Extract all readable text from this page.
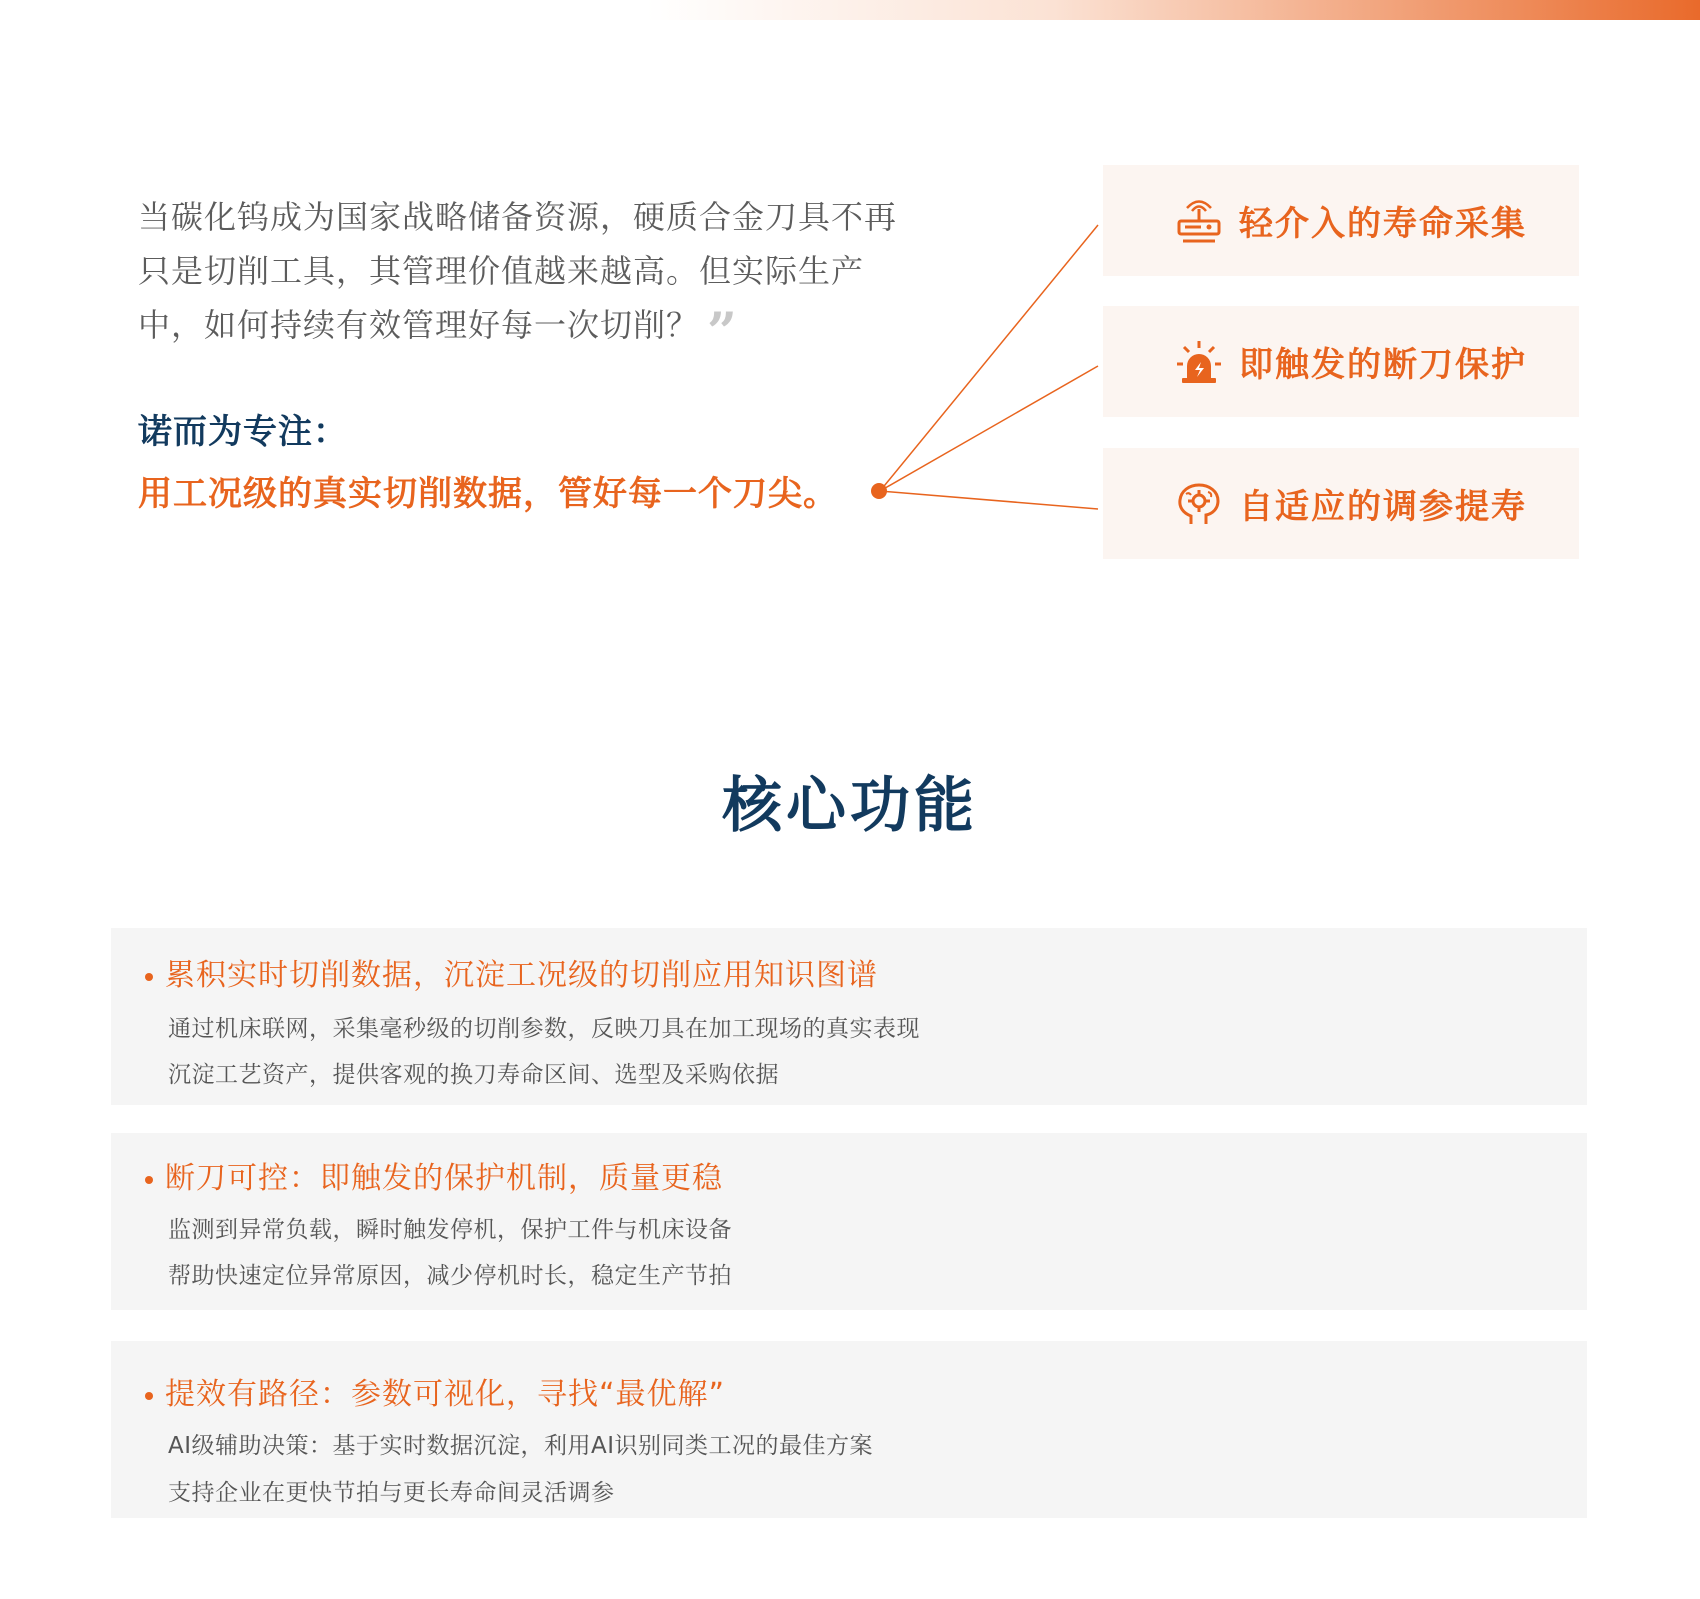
当碳化钨成为国家战略储备资源，硬质合金刀具不再
只是切削工具，其管理价值越来越高。但实际生产
中，如何持续有效管理好每一次切削？ ”
诺而为专注：
用工况级的真实切削数据，管好每一个刀尖。
轻介入的寿命采集
即触发的断刀保护
自适应的调参提寿
核心功能
累积实时切削数据，沉淀工况级的切削应用知识图谱
通过机床联网，采集毫秒级的切削参数，反映刀具在加工现场的真实表现
沉淀工艺资产，提供客观的换刀寿命区间、选型及采购依据
断刀可控：即触发的保护机制，质量更稳
监测到异常负载，瞬时触发停机，保护工件与机床设备
帮助快速定位异常原因，减少停机时长，稳定生产节拍
提效有路径：参数可视化，寻找“最优解”
AI级辅助决策：基于实时数据沉淀，利用AI识别同类工况的最佳方案
支持企业在更快节拍与更长寿命间灵活调参
